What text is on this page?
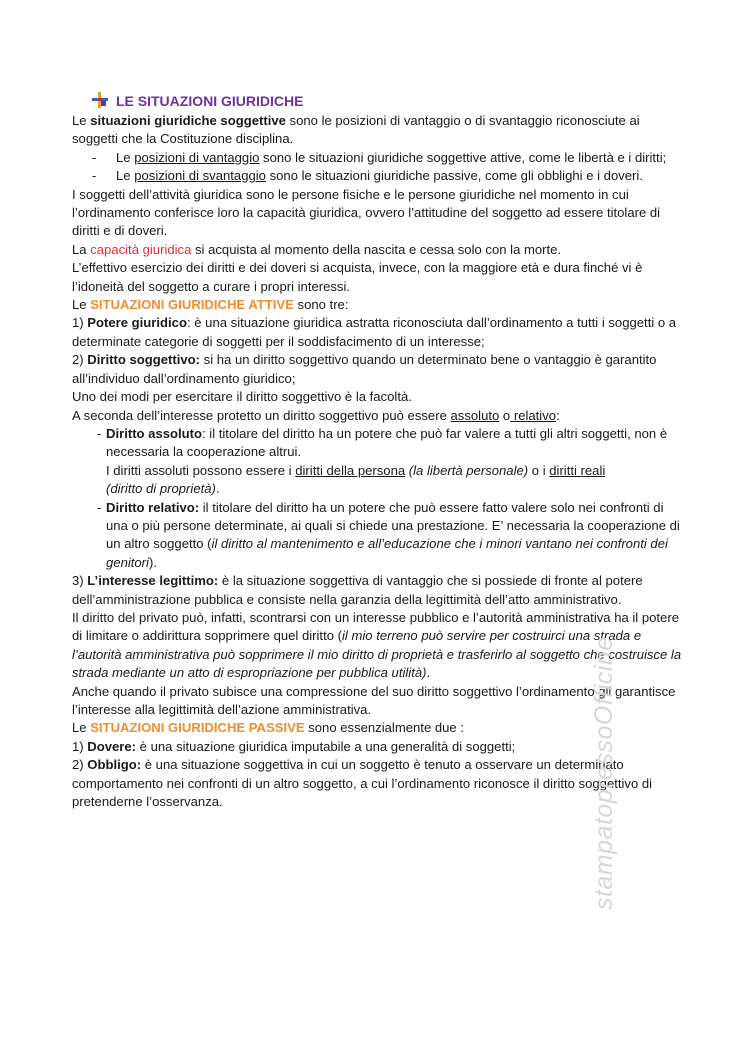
LE SITUAZIONI GIURIDICHE

Le situazioni giuridiche soggettive sono le posizioni di vantaggio o di svantaggio riconosciute ai soggetti che la Costituzione disciplina.

- Le posizioni di vantaggio sono le situazioni giuridiche soggettive attive, come le libertà e i diritti;

- Le posizioni di svantaggio sono le situazioni giuridiche passive, come gli obblighi e i doveri.

I soggetti dell’attività giuridica sono le persone fisiche e le persone giuridiche nel momento in cui l’ordinamento conferisce loro la capacità giuridica, ovvero l’attitudine del soggetto ad essere titolare di diritti e di doveri.

La capacità giuridica si acquista al momento della nascita e cessa solo con la morte.

L’effettivo esercizio dei diritti e dei doveri si acquista, invece, con la maggiore età e dura finché vi è l’idoneità del soggetto a curare i propri interessi.

Le SITUAZIONI GIURIDICHE ATTIVE sono tre:

1) Potere giuridico: è una situazione giuridica astratta riconosciuta dall’ordinamento a tutti i soggetti o a determinate categorie di soggetti per il soddisfacimento di un interesse;

2) Diritto soggettivo: si ha un diritto soggettivo quando un determinato bene o vantaggio è garantito all’individuo dall’ordinamento giuridico;

Uno dei modi per esercitare il diritto soggettivo è la facoltà.

A seconda dell’interesse protetto un diritto soggettivo può essere assoluto o relativo:

- Diritto assoluto: il titolare del diritto ha un potere che può far valere a tutti gli altri soggetti, non è necessaria la cooperazione altrui.

I diritti assoluti possono essere i diritti della persona (la libertà personale) o i diritti reali
(diritto di proprietà).

- Diritto relativo: il titolare del diritto ha un potere che può essere fatto valere solo nei confronti di una o più persone determinate, ai quali si chiede una prestazione. E’ necessaria la cooperazione di un altro soggetto (il diritto al mantenimento e all’educazione che i minori vantano nei confronti dei genitori).

3) L’interesse legittimo: è la situazione soggettiva di vantaggio che si possiede di fronte al potere dell’amministrazione pubblica e consiste nella garanzia della legittimità dell’atto amministrativo.

Il diritto del privato può, infatti, scontrarsi con un interesse pubblico e l’autorità amministrativa ha il potere di limitare o addirittura sopprimere quel diritto (il mio terreno può servire per costruirci una strada e l’autorità amministrativa può sopprimere il mio diritto di proprietà e trasferirlo al soggetto che costruisce la strada mediante un atto di espropriazione per pubblica utilità).

Anche quando il privato subisce una compressione del suo diritto soggettivo l’ordinamento gli garantisce l’interesse alla legittimità dell’azione amministrativa.

Le SITUAZIONI GIURIDICHE PASSIVE sono essenzialmente due :

1) Dovere: è una situazione giuridica imputabile a una generalità di soggetti;

2) Obbligo: è una situazione soggettiva in cui un soggetto è tenuto a osservare un determinato comportamento nei confronti di un altro soggetto, a cui l’ordinamento riconosce il diritto soggettivo di pretenderne l’osservanza.	stampatopressoOfficine
